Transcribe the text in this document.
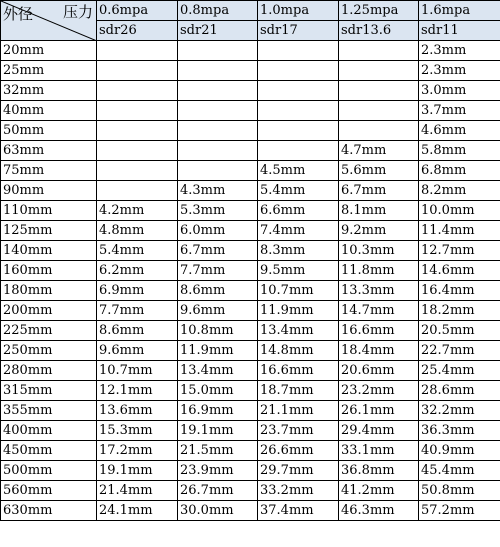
外径 压力	0.6mpa	0.8mpa	1.0mpa	1.25mpa	1.6mpa
	sdr26	sdr21	sdr17	sdr13.6	sdr11
20mm					2.3mm
25mm					2.3mm
32mm					3.0mm
40mm					3.7mm
50mm					4.6mm
63mm				4.7mm	5.8mm
75mm			4.5mm	5.6mm	6.8mm
90mm		4.3mm	5.4mm	6.7mm	8.2mm
110mm	4.2mm	5.3mm	6.6mm	8.1mm	10.0mm
125mm	4.8mm	6.0mm	7.4mm	9.2mm	11.4mm
140mm	5.4mm	6.7mm	8.3mm	10.3mm	12.7mm
160mm	6.2mm	7.7mm	9.5mm	11.8mm	14.6mm
180mm	6.9mm	8.6mm	10.7mm	13.3mm	16.4mm
200mm	7.7mm	9.6mm	11.9mm	14.7mm	18.2mm
225mm	8.6mm	10.8mm	13.4mm	16.6mm	20.5mm
250mm	9.6mm	11.9mm	14.8mm	18.4mm	22.7mm
280mm	10.7mm	13.4mm	16.6mm	20.6mm	25.4mm
315mm	12.1mm	15.0mm	18.7mm	23.2mm	28.6mm
355mm	13.6mm	16.9mm	21.1mm	26.1mm	32.2mm
400mm	15.3mm	19.1mm	23.7mm	29.4mm	36.3mm
450mm	17.2mm	21.5mm	26.6mm	33.1mm	40.9mm
500mm	19.1mm	23.9mm	29.7mm	36.8mm	45.4mm
560mm	21.4mm	26.7mm	33.2mm	41.2mm	50.8mm
630mm	24.1mm	30.0mm	37.4mm	46.3mm	57.2mm
